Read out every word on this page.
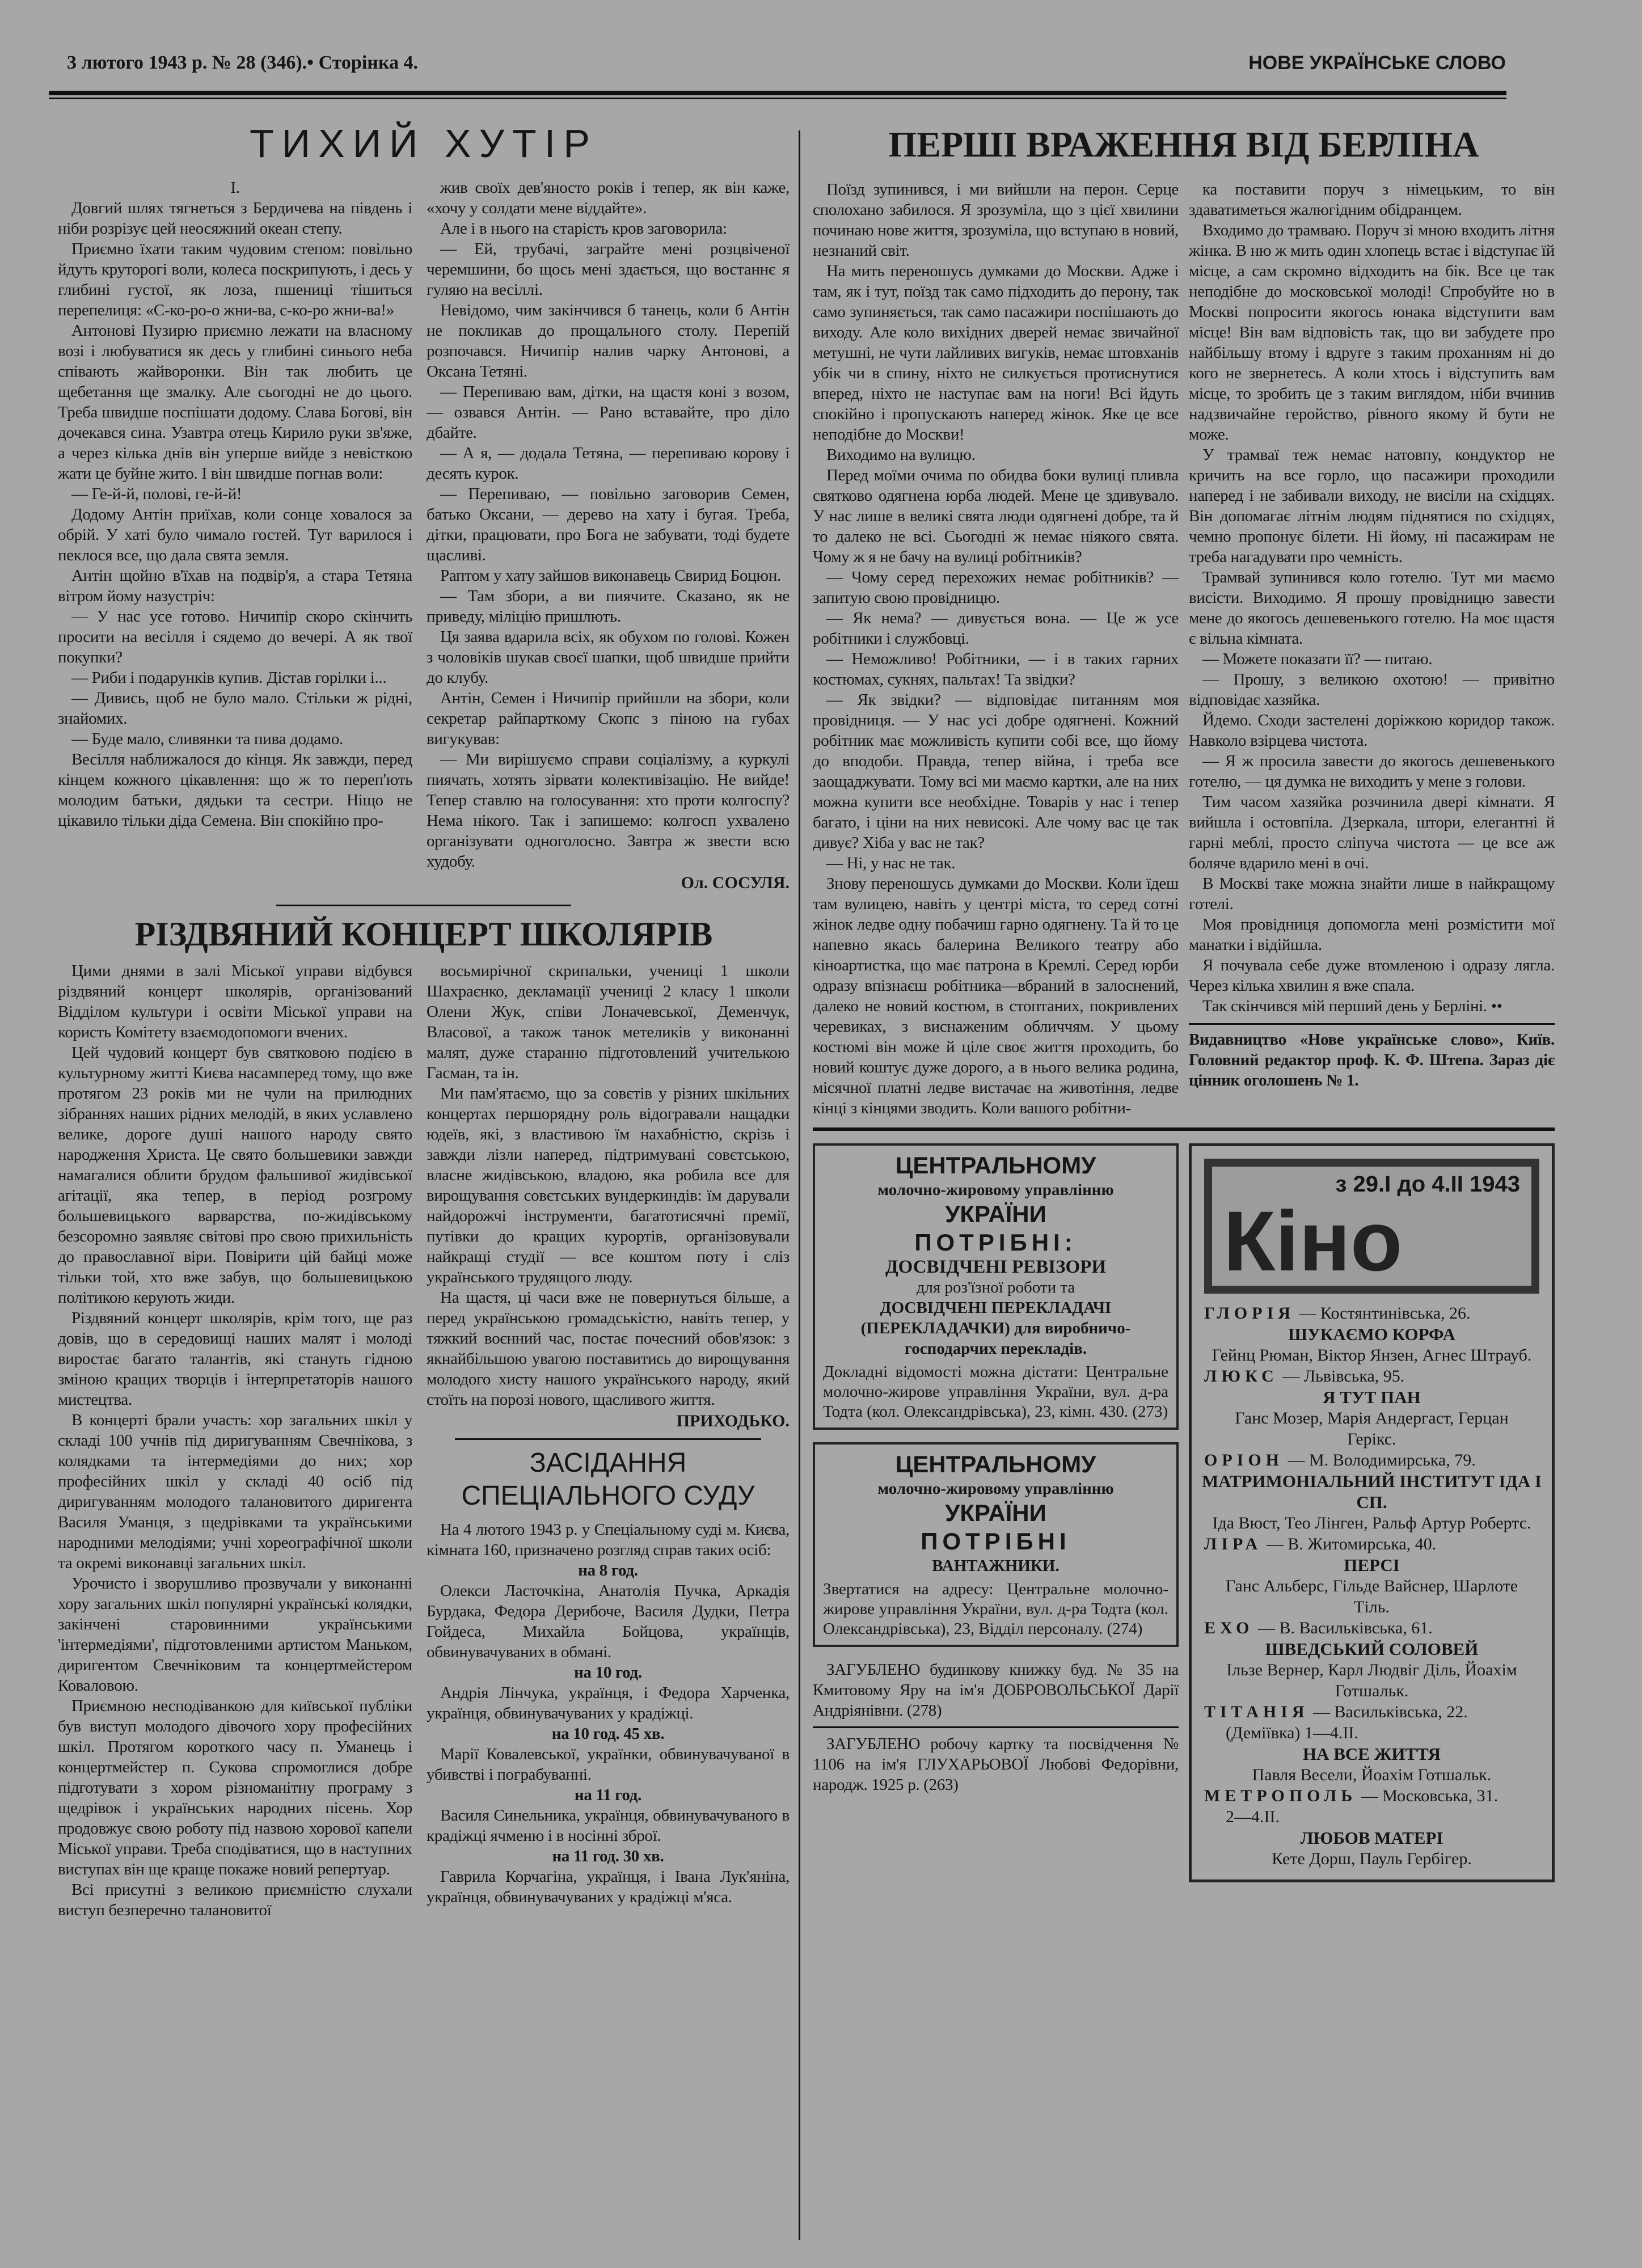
3 лютого 1943 р. № 28 (346).• Сторінка 4.	НОВЕ УКРАЇНСЬКЕ СЛОВО
ТИХИЙ ХУТІР

I.

Довгий шлях тягнеться з Бердичева на південь і ніби розрізує цей неосяжний океан степу.

Приємно їхати таким чудовим степом: повільно йдуть круторогі воли, колеса поскрипують, і десь у глибині густої, як лоза, пшениці тішиться перепелиця: «С-ко-ро-о жни-ва, с-ко-ро жни-ва!»

Антонові Пузирю приємно лежати на власному возі і любуватися як десь у глибині синього неба співають жайворонки. Він так любить це щебетання ще змалку. Але сьогодні не до цього. Треба швидше поспішати додому. Слава Богові, він дочекався сина. Узавтра отець Кирило руки зв'яже, а через кілька днів він уперше вийде з невісткою жати це буйне жито. І він швидше погнав воли:

— Ге-й-й, полові, ге-й-й!

Додому Антін приїхав, коли сонце ховалося за обрій. У хаті було чимало гостей. Тут варилося і пеклося все, що дала свята земля.

Антін щойно в'їхав на подвір'я, а стара Тетяна вітром йому назустріч:

— У нас усе готово. Ничипір скоро скінчить просити на весілля і сядемо до вечері. А як твої покупки?

— Риби і подарунків купив. Дістав горілки і...

— Дивись, щоб не було мало. Стільки ж рідні, знайомих.

— Буде мало, сливянки та пива додамо.

Весілля наближалося до кінця. Як завжди, перед кінцем кожного цікавлення: що ж то переп'ють молодим батьки, дядьки та сестри. Ніщо не цікавило тільки діда Семена. Він спокійно про-

жив своїх дев'яносто років і тепер, як він каже, «хочу у солдати мене віддайте».

Але і в нього на старість кров заговорила:

— Ей, трубачі, заграйте мені розцвіченої черемшини, бо щось мені здається, що востаннє я гуляю на весіллі.

Невідомо, чим закінчився б танець, коли б Антін не покликав до прощального столу. Перепій розпочався. Ничипір налив чарку Антонові, а Оксана Тетяні.

— Перепиваю вам, дітки, на щастя коні з возом, — озвався Антін. — Рано вставайте, про діло дбайте.

— А я, — додала Тетяна, — перепиваю корову і десять курок.

— Перепиваю, — повільно заговорив Семен, батько Оксани, — дерево на хату і бугая. Треба, дітки, працювати, про Бога не забувати, тоді будете щасливі.

Раптом у хату зайшов виконавець Свирид Боцюн.

— Там збори, а ви пиячите. Сказано, як не приведу, міліцію пришлють.

Ця заява вдарила всіх, як обухом по голові. Кожен з чоловіків шукав своєї шапки, щоб швидше прийти до клубу.

Антін, Семен і Ничипір прийшли на збори, коли секретар райпарткому Скопс з піною на губах вигукував:

— Ми вирішуємо справи соціалізму, а куркулі пиячать, хотять зірвати колективізацію. Не вийде! Тепер ставлю на голосування: хто проти колгоспу? Нема нікого. Так і запишемо: колгосп ухвалено організувати одноголосно. Завтра ж звести всю худобу.

Ол. СОСУЛЯ.
РІЗДВЯНИЙ КОНЦЕРТ ШКОЛЯРІВ

Цими днями в залі Міської управи відбувся різдвяний концерт школярів, організований Відділом культури і освіти Міської управи на користь Комітету взаємодопомоги вчених.

Цей чудовий концерт був святковою подією в культурному житті Києва насамперед тому, що вже протягом 23 років ми не чули на прилюдних зібраннях наших рідних мелодій, в яких уславлено велике, дороге душі нашого народу свято народження Христа. Це свято большевики завжди намагалися облити брудом фальшивої жидівської агітації, яка тепер, в період розгрому большевицького варварства, по-жидівському безсоромно заявляє світові про свою прихильність до православної віри. Повірити цій байці може тільки той, хто вже забув, що большевицькою політикою керують жиди.

Різдвяний концерт школярів, крім того, ще раз довів, що в середовищі наших малят і молоді виростає багато талантів, які стануть гідною зміною кращих творців і інтерпретаторів нашого мистецтва.

В концерті брали участь: хор загальних шкіл у складі 100 учнів під диригуванням Свечнікова, з колядками та інтермедіями до них; хор професійних шкіл у складі 40 осіб під диригуванням молодого талановитого диригента Василя Уманця, з щедрівками та українськими народними мелодіями; учні хореографічної школи та окремі виконавці загальних шкіл.

Урочисто і зворушливо прозвучали у виконанні хору загальних шкіл популярні українські колядки, закінчені старовинними українськими 'інтермедіями', підготовленими артистом Маньком, диригентом Свечніковим та концертмейстером Коваловою.

Приємною несподіванкою для київської публіки був виступ молодого дівочого хору професійних шкіл. Протягом короткого часу п. Уманець і концертмейстер п. Сукова спромоглися добре підготувати з хором різноманітну програму з щедрівок і українських народних пісень. Хор продовжує свою роботу під назвою хорової капели Міської управи. Треба сподіватися, що в наступних виступах він ще краще покаже новий репертуар.

Всі присутні з великою приємністю слухали виступ безперечно талановитої

восьмирічної скрипальки, учениці 1 школи Шахраєнко, декламації учениці 2 класу 1 школи Олени Жук, співи Лоначевської, Деменчук, Власової, а також танок метеликів у виконанні малят, дуже старанно підготовлений учителькою Гасман, та ін.

Ми пам'ятаємо, що за совєтів у різних шкільних концертах першорядну роль відогравали нащадки юдеїв, які, з властивою їм нахабністю, скрізь і завжди лізли наперед, підтримувані совєтською, власне жидівською, владою, яка робила все для вирощування совєтських вундеркиндів: їм дарували найдорожчі інструменти, багатотисячні премії, путівки до кращих курортів, організовували найкращі студії — все коштом поту і сліз українського трудящого люду.

На щастя, ці часи вже не повернуться більше, а перед українською громадськістю, навіть тепер, у тяжкий воєнний час, постає почесний обов'язок: з якнайбільшою увагою поставитись до вирощування молодого хисту нашого українського народу, який стоїть на порозі нового, щасливого життя.

ПРИХОДЬКО.
ЗАСІДАННЯ СПЕЦІАЛЬНОГО СУДУ

На 4 лютого 1943 р. у Спеціальному суді м. Києва, кімната 160, призначено розгляд справ таких осіб:

на 8 год.

Олекси Ласточкіна, Анатолія Пучка, Аркадія Бурдака, Федора Дерибоче, Василя Дудки, Петра Гойдеса, Михайла Бойцова, українців, обвинувачуваних в обмані.

на 10 год.

Андрія Лінчука, українця, і Федора Харченка, українця, обвинувачуваних у крадіжці.

на 10 год. 45 хв.

Марії Ковалевської, українки, обвинувачуваної в убивстві і пограбуванні.

на 11 год.

Василя Синельника, українця, обвинувачуваного в крадіжці ячменю і в носінні зброї.

на 11 год. 30 хв.

Гаврила Корчагіна, українця, і Івана Лук'яніна, українця, обвинувачуваних у крадіжці м'яса.

ПЕРШІ ВРАЖЕННЯ ВІД БЕРЛІНА

Поїзд зупинився, і ми вийшли на перон. Серце сполохано забилося. Я зрозуміла, що з цієї хвилини починаю нове життя, зрозуміла, що вступаю в новий, незнаний світ.

На мить переношусь думками до Москви. Адже і там, як і тут, поїзд так само підходить до перону, так само зупиняється, так само пасажири поспішають до виходу. Але коло вихідних дверей немає звичайної метушні, не чути лайливих вигуків, немає штовханів убік чи в спину, ніхто не силкується протиснутися вперед, ніхто не наступає вам на ноги! Всі йдуть спокійно і пропускають наперед жінок. Яке це все неподібне до Москви!

Виходимо на вулицю.

Перед моїми очима по обидва боки вулиці пливла святково одягнена юрба людей. Мене це здивувало. У нас лише в великі свята люди одягнені добре, та й то далеко не всі. Сьогодні ж немає ніякого свята. Чому ж я не бачу на вулиці робітників?

— Чому серед перехожих немає робітників? — запитую свою провідницю.

— Як нема? — дивується вона. — Це ж усе робітники і службовці.

— Неможливо! Робітники, — і в таких гарних костюмах, сукнях, пальтах! Та звідки?

— Як звідки? — відповідає питанням моя провідниця. — У нас усі добре одягнені. Кожний робітник має можливість купити собі все, що йому до вподоби. Правда, тепер війна, і треба все заощаджувати. Тому всі ми маємо картки, але на них можна купити все необхідне. Товарів у нас і тепер багато, і ціни на них невисокі. Але чому вас це так дивує? Хіба у вас не так?

— Ні, у нас не так.

Знову переношусь думками до Москви. Коли їдеш там вулицею, навіть у центрі міста, то серед сотні жінок ледве одну побачиш гарно одягнену. Та й то це напевно якась балерина Великого театру або кіноартистка, що має патрона в Кремлі. Серед юрби одразу впізнаєш робітника—вбраний в залоснений, далеко не новий костюм, в стоптаних, покривлених черевиках, з виснаженим обличчям. У цьому костюмі він може й ціле своє життя проходить, бо новий коштує дуже дорого, а в нього велика родина, місячної платні ледве вистачає на животіння, ледве кінці з кінцями зводить. Коли вашого робітни-

ка поставити поруч з німецьким, то він здаватиметься жалюгідним обідранцем.

Входимо до трамваю. Поруч зі мною входить літня жінка. В ню ж мить один хлопець встає і відступає їй місце, а сам скромно відходить на бік. Все це так неподібне до московської молоді! Спробуйте но в Москві попросити якогось юнака відступити вам місце! Він вам відповість так, що ви забудете про найбільшу втому і вдруге з таким проханням ні до кого не звернетесь. А коли хтось і відступить вам місце, то зробить це з таким виглядом, ніби вчинив надзвичайне геройство, рівного якому й бути не може.

У трамваї теж немає натовпу, кондуктор не кричить на все горло, що пасажири проходили наперед і не забивали виходу, не висіли на східцях. Він допомагає літнім людям піднятися по східцях, чемно пропонує білети. Ні йому, ні пасажирам не треба нагадувати про чемність.

Трамвай зупинився коло готелю. Тут ми маємо висісти. Виходимо. Я прошу провідницю завести мене до якогось дешевенького готелю. На моє щастя є вільна кімната.

— Можете показати її? — питаю.

— Прошу, з великою охотою! — привітно відповідає хазяйка.

Йдемо. Сходи застелені доріжкою коридор також. Навколо взірцева чистота.

— Я ж просила завести до якогось дешевенького готелю, — ця думка не виходить у мене з голови.

Тим часом хазяйка розчинила двері кімнати. Я вийшла і остовпіла. Дзеркала, штори, елегантні й гарні меблі, просто сліпуча чистота — це все аж боляче вдарило мені в очі.

В Москві таке можна знайти лише в найкращому готелі.

Моя провідниця допомогла мені розмістити мої манатки і відійшла.

Я почувала себе дуже втомленою і одразу лягла. Через кілька хвилин я вже спала.

Так скінчився мій перший день у Берліні. ••

Видавництво «Нове українське слово», Київ. Головний редактор проф. К. Ф. Штепа. Зараз діє цінник оголошень № 1.

ЦЕНТРАЛЬНОМУ
молочно-жировому управлінню
УКРАЇНИ
ПОТРІБНІ:
ДОСВІДЧЕНІ РЕВІЗОРИ
для роз'їзної роботи та
ДОСВІДЧЕНІ ПЕРЕКЛАДАЧІ (ПЕРЕКЛАДАЧКИ) для виробничо-господарчих перекладів.
Докладні відомості можна дістати: Центральне молочно-жирове управління України, вул. д-ра Тодта (кол. Олександрівська), 23, кімн. 430. (273)
ЦЕНТРАЛЬНОМУ
молочно-жировому управлінню
УКРАЇНИ
ПОТРІБНІ
ВАНТАЖНИКИ.
Звертатися на адресу: Центральне молочно-жирове управління України, вул. д-ра Тодта (кол. Олександрівська), 23, Відділ персоналу. (274)

ЗАГУБЛЕНО будинкову книжку буд. № 35 на Кмитовому Яру на ім'я ДОБРОВОЛЬСЬКОЇ Дарії Андріянівни. (278)

ЗАГУБЛЕНО робочу картку та посвідчення № 1106 на ім'я ГЛУХАРЬОВОЇ Любові Федорівни, народж. 1925 р. (263)

з 29.I до 4.II 1943
Кіно
ГЛОРІЯ — Костянтинівська, 26.
ШУКАЄМО КОРФА
Гейнц Рюман, Віктор Янзен, Агнес Штрауб.
ЛЮКС — Львівська, 95.
Я ТУТ ПАН
Ганс Мозер, Марія Андергаст, Герцан Герікс.
ОРІОН — М. Володимирська, 79.
МАТРИМОНІАЛЬНИЙ ІНСТИТУТ ІДА І СП.
Іда Вюст, Тео Лінген, Ральф Артур Робертс.
ЛІРА — В. Житомирська, 40.
ПЕРСІ
Ганс Альберс, Гільде Вайснер, Шарлоте Тіль.
ЕХО — В. Васильківська, 61.
ШВЕДСЬКИЙ СОЛОВЕЙ
Ільзе Вернер, Карл Людвіг Діль, Йоахім Готшальк.
ТІТАНІЯ — Васильківська, 22.
(Деміївка) 1—4.II.
НА ВСЕ ЖИТТЯ
Павля Весели, Йоахім Готшальк.
МЕТРОПОЛЬ — Московська, 31.
2—4.II.
ЛЮБОВ МАТЕРІ
Кете Дорш, Пауль Гербігер.
